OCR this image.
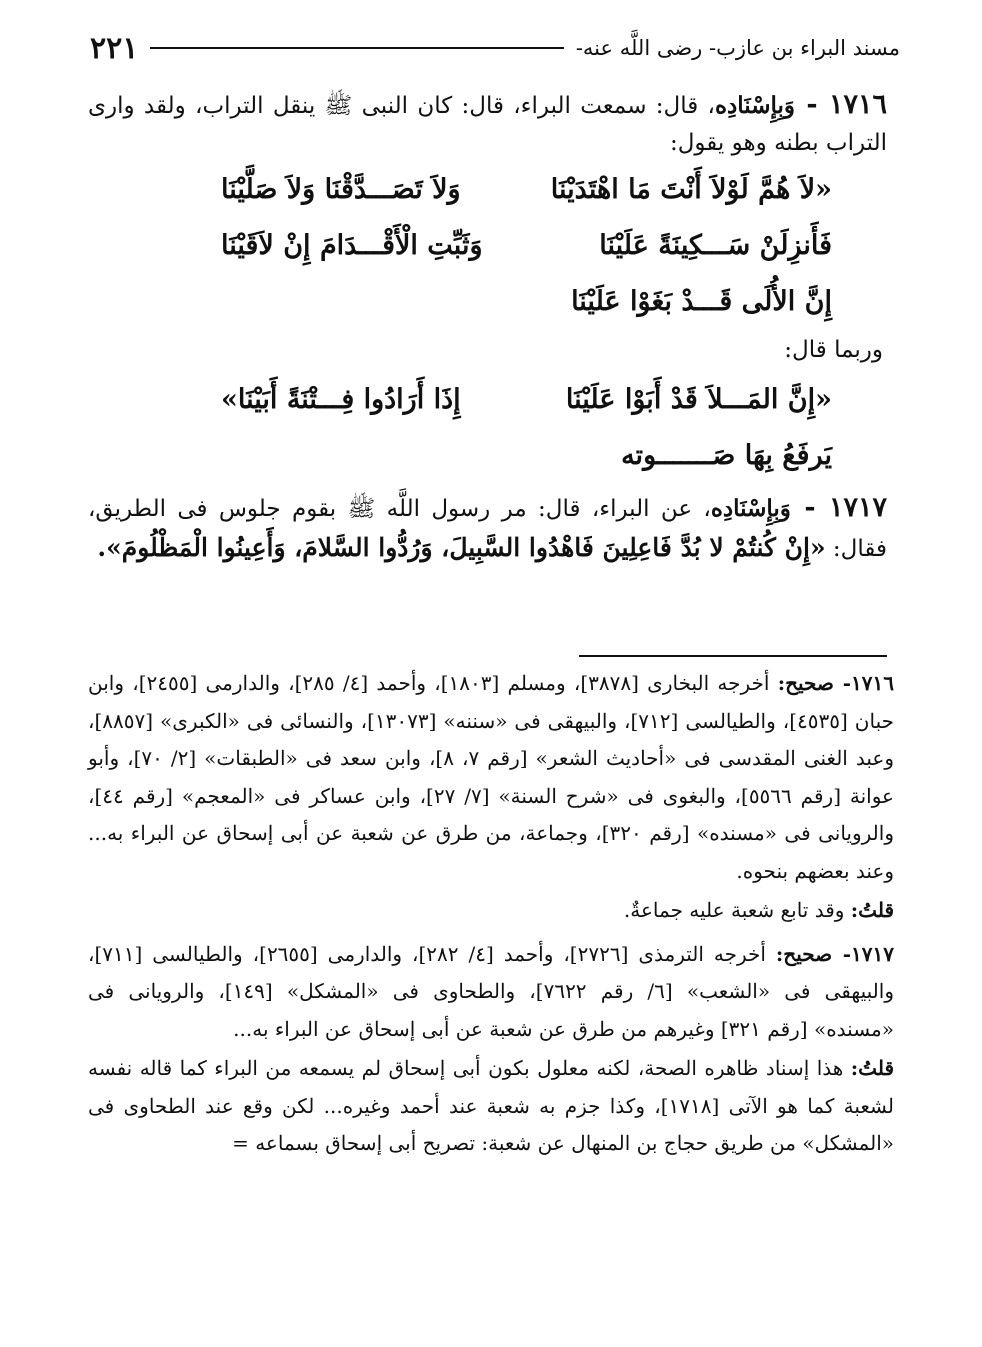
مسند البراء بن عازب- رضى اللَّه عنه-
٢٢١

١٧١٦ - وَبِإِسْنَادِه، قال: سمعت البراء، قال: كان النبى ﷺ ينقل التراب، ولقد وارى التراب بطنه وهو يقول:

«لاَ هُمَّ لَوْلاَ أَنْتَ مَا اهْتَدَيْنَا
وَلاَ تَصَـــدَّقْنَا وَلاَ صَلَّيْنَا
فَأَنزِلَنْ سَـــكِينَةً عَلَيْنَا
وَثَبِّتِ الْأَقْـــدَامَ إِنْ لاَقَيْنَا
إِنَّ الأُلَى قَـــدْ بَغَوْا عَلَيْنَا
وربما قال:
«إِنَّ المَـــلاَ قَدْ أَبَوْا عَلَيْنَا
إِذَا أَرَادُوا فِـــتْنَةً أَبَيْنَا»
يَرفَعُ بِهَا صَـــــــوته

١٧١٧ - وَبِإِسْنَادِه، عن البراء، قال: مر رسول اللَّه ﷺ بقوم جلوس فى الطريق، فقال: «إِنْ كُنتُمْ لا بُدَّ فَاعِلِينَ فَاهْدُوا السَّبِيلَ، وَرُدُّوا السَّلامَ، وَأَعِينُوا الْمَظْلُومَ».

١٧١٦- صحيح: أخرجه البخارى [٣٨٧٨]، ومسلم [١٨٠٣]، وأحمد [٤/ ٢٨٥]، والدارمى [٢٤٥٥]، وابن حبان [٤٥٣٥]، والطيالسى [٧١٢]، والبيهقى فى «سننه» [١٣٠٧٣]، والنسائى فى «الكبرى» [٨٨٥٧]، وعبد الغنى المقدسى فى «أحاديث الشعر» [رقم ٧، ٨]، وابن سعد فى «الطبقات» [٢/ ٧٠]، وأبو عوانة [رقم ٥٥٦٦]، والبغوى فى «شرح السنة» [٧/ ٢٧]، وابن عساكر فى «المعجم» [رقم ٤٤]، والرويانى فى «مسنده» [رقم ٣٢٠]، وجماعة، من طرق عن شعبة عن أبى إسحاق عن البراء به... وعند بعضهم بنحوه.

قلتُ: وقد تابع شعبة عليه جماعةٌ.

١٧١٧- صحيح: أخرجه الترمذى [٢٧٢٦]، وأحمد [٤/ ٢٨٢]، والدارمى [٢٦٥٥]، والطيالسى [٧١١]، والبيهقى فى «الشعب» [٦/ رقم ٧٦٢٢]، والطحاوى فى «المشكل» [١٤٩]، والرويانى فى «مسنده» [رقم ٣٢١] وغيرهم من طرق عن شعبة عن أبى إسحاق عن البراء به...

قلتُ: هذا إسناد ظاهره الصحة، لكنه معلول بكون أبى إسحاق لم يسمعه من البراء كما قاله نفسه لشعبة كما هو الآتى [١٧١٨]، وكذا جزم به شعبة عند أحمد وغيره... لكن وقع عند الطحاوى فى «المشكل» من طريق حجاج بن المنهال عن شعبة: تصريح أبى إسحاق بسماعه =
